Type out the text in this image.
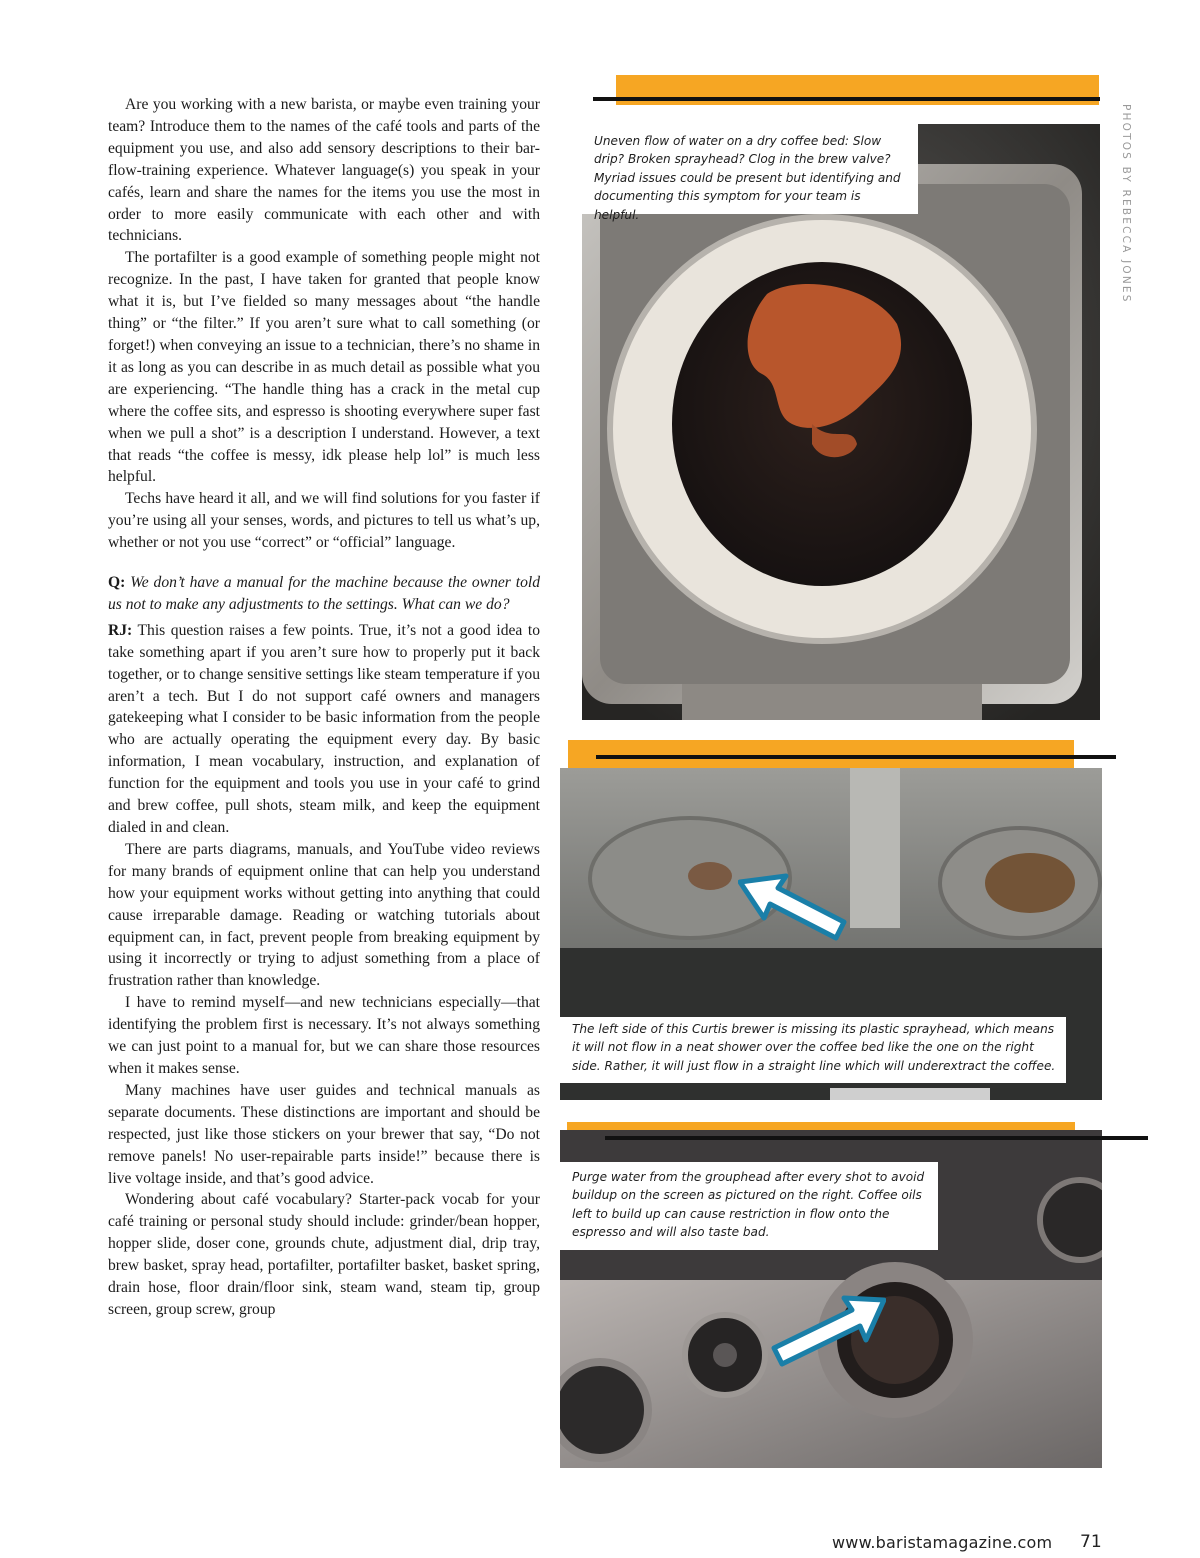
Are you working with a new barista, or maybe even training your team? Introduce them to the names of the café tools and parts of the equipment you use, and also add sensory descriptions to their bar-flow-training experience. Whatever language(s) you speak in your cafés, learn and share the names for the items you use the most in order to more easily communicate with each other and with technicians.

The portafilter is a good example of something people might not recognize. In the past, I have taken for granted that people know what it is, but I’ve fielded so many messages about “the handle thing” or “the filter.” If you aren’t sure what to call something (or forget!) when conveying an issue to a technician, there’s no shame in it as long as you can describe in as much detail as possible what you are experiencing. “The handle thing has a crack in the metal cup where the coffee sits, and espresso is shooting everywhere super fast when we pull a shot” is a description I understand. However, a text that reads “the coffee is messy, idk please help lol” is much less helpful.

Techs have heard it all, and we will find solutions for you faster if you’re using all your senses, words, and pictures to tell us what’s up, whether or not you use “correct” or “official” language.

Q: We don’t have a manual for the machine because the owner told us not to make any adjustments to the settings. What can we do?

RJ: This question raises a few points. True, it’s not a good idea to take something apart if you aren’t sure how to properly put it back together, or to change sensitive settings like steam temperature if you aren’t a tech. But I do not support café owners and managers gatekeeping what I consider to be basic information from the people who are actually operating the equipment every day. By basic information, I mean vocabulary, instruction, and explanation of function for the equipment and tools you use in your café to grind and brew coffee, pull shots, steam milk, and keep the equipment dialed in and clean.

There are parts diagrams, manuals, and YouTube video reviews for many brands of equipment online that can help you understand how your equipment works without getting into anything that could cause irreparable damage. Reading or watching tutorials about equipment can, in fact, prevent people from breaking equipment by using it incorrectly or trying to adjust something from a place of frustration rather than knowledge.

I have to remind myself—and new technicians especially—that identifying the problem first is necessary. It’s not always something we can just point to a manual for, but we can share those resources when it makes sense.

Many machines have user guides and technical manuals as separate documents. These distinctions are important and should be respected, just like those stickers on your brewer that say, “Do not remove panels! No user-repairable parts inside!” because there is live voltage inside, and that’s good advice.

Wondering about café vocabulary? Starter-pack vocab for your café training or personal study should include: grinder/bean hopper, hopper slide, doser cone, grounds chute, adjustment dial, drip tray, brew basket, spray head, portafilter, portafilter basket, basket spring, drain hose, floor drain/floor sink, steam wand, steam tip, group screen, group screw, group

Uneven flow of water on a dry coffee bed: Slow drip? Broken sprayhead? Clog in the brew valve? Myriad issues could be present but identifying and documenting this symptom for your team is helpful.
The left side of this Curtis brewer is missing its plastic sprayhead, which means it will not flow in a neat shower over the coffee bed like the one on the right side. Rather, it will just flow in a straight line which will underextract the coffee.
Purge water from the grouphead after every shot to avoid buildup on the screen as pictured on the right. Coffee oils left to build up can cause restriction in flow onto the espresso and will also taste bad.
PHOTOS BY REBECCA JONES
www.baristamagazine.com 71
